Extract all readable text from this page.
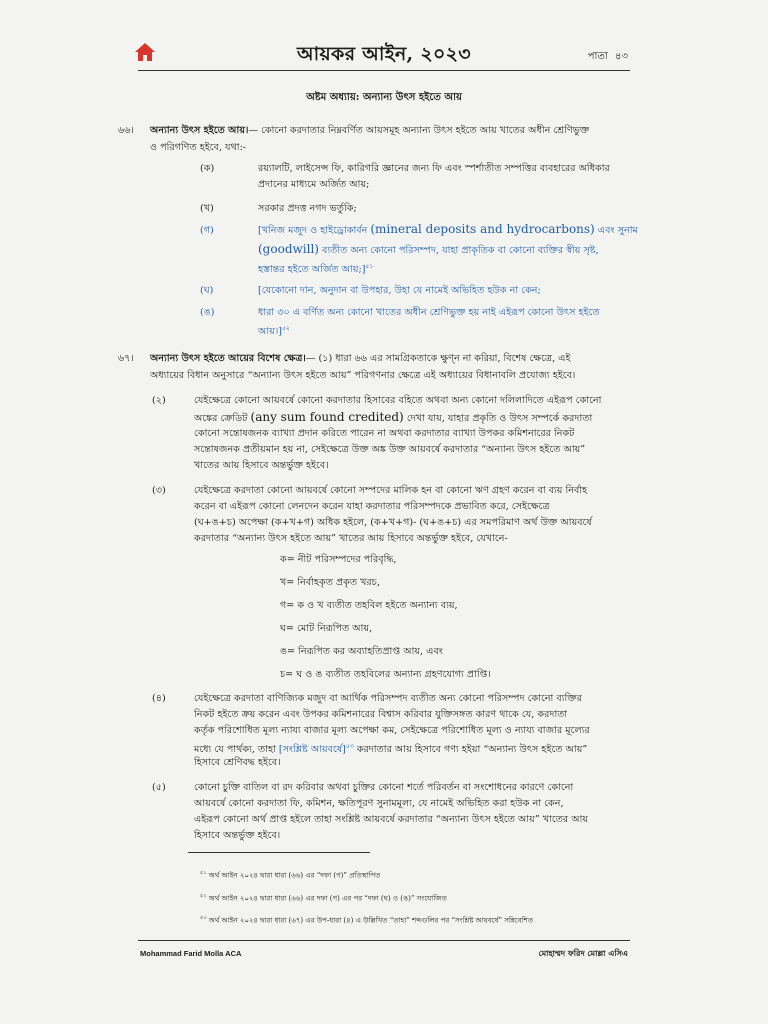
আয়কর আইন, ২০২৩	পাতা ৪৩
অষ্টম অধ্যায়: অন্যান্য উৎস হইতে আয়
৬৬। অন্যান্য উৎস হইতে আয়।— কোনো করদাতার নিম্নবর্ণিত আয়সমূহ অন্যান্য উৎস হইতে আয় খাতের অধীন শ্রেণিভুক্ত
ও পরিগণিত হইবে, যথা:-
(ক)	রয়্যালটি, লাইসেন্স ফি, কারিগরি জ্ঞানের জন্য ফি এবং স্পর্শাতীত সম্পত্তির ব্যবহারের অধিকার
প্রদানের মাধ্যমে অর্জিত আয়;
(খ)	সরকার প্রদত্ত নগদ ভর্তুকি;
(গ)	[খনিজ মজুদ ও হাইড্রোকার্বন (mineral deposits and hydrocarbons) এবং সুনাম
(goodwill) ব্যতীত অন্য কোনো পরিসম্পদ, যাহা প্রাকৃতিক বা কোনো ব্যক্তির স্বীয় সৃষ্ট,
হস্তান্তর হইতে অর্জিত আয়;]$^{৫১}$
(ঘ)	[যেকোনো দান, অনুদান বা উপহার, উহা যে নামেই অভিহিত হউক না কেন;
(ঙ)	ধারা ৩০ এ বর্ণিত অন্য কোনো খাতের অধীন শ্রেণিভুক্ত হয় নাই এইরূপ কোনো উৎস হইতে
আয়।]$^{৫২}$
৬৭। অন্যান্য উৎস হইতে আয়ের বিশেষ ক্ষেত্র।— (১) ধারা ৬৬ এর সামগ্রিকতাকে ক্ষুণ্ন না করিয়া, বিশেষ ক্ষেত্রে, এই
অধ্যায়ের বিধান অনুসারে “অন্যান্য উৎস হইতে আয়” পরিগণনার ক্ষেত্রে এই অধ্যায়ের বিধানাবলি প্রযোজ্য হইবে।
(২)	যেইক্ষেত্রে কোনো আয়বর্ষে কোনো করদাতার হিসাবের বহিতে অথবা অন্য কোনো দলিলাদিতে এইরূপ কোনো
অঙ্কের ক্রেডিট (any sum found credited) দেখা যায়, যাহার প্রকৃতি ও উৎস সম্পর্কে করদাতা
কোনো সন্তোষজনক ব্যাখ্যা প্রদান করিতে পারেন না অথবা করদাতার ব্যাখ্যা উপকর কমিশনারের নিকট
সন্তোষজনক প্রতীয়মান হয় না, সেইক্ষেত্রে উক্ত অঙ্ক উক্ত আয়বর্ষে করদাতার “অন্যান্য উৎস হইতে আয়”
খাতের আয় হিসাবে অন্তর্ভুক্ত হইবে।
(৩)	যেইক্ষেত্রে করদাতা কোনো আয়বর্ষে কোনো সম্পদের মালিক হন বা কোনো ঋণ গ্রহণ করেন বা ব্যয় নির্বাহ
করেন বা এইরূপ কোনো লেনদেন করেন যাহা করদাতার পরিসম্পদকে প্রভাবিত করে, সেইক্ষেত্রে
(ঘ+ঙ+চ) অপেক্ষা (ক+খ+গ) অধিক হইলে, (ক+খ+গ)- (ঘ+ঙ+চ) এর সমপরিমাণ অর্থ উক্ত আয়বর্ষে
করদাতার “অন্যান্য উৎস হইতে আয়” খাতের আয় হিসাবে অন্তর্ভুক্ত হইবে, যেখানে-
ক= নীট পরিসম্পদের পরিবৃদ্ধি,
খ= নির্বাহকৃত প্রকৃত খরচ,
গ= ক ও খ ব্যতীত তহবিল হইতে অন্যান্য ব্যয়,
ঘ= মোট নিরূপিত আয়,
ঙ= নিরূপিত কর অব্যাহতিপ্রাপ্ত আয়, এবং
চ= ঘ ও ঙ ব্যতীত তহবিলের অন্যান্য গ্রহণযোগ্য প্রাপ্তি।
(৪)	যেইক্ষেত্রে করদাতা বাণিজ্যিক মজুদ বা আর্থিক পরিসম্পদ ব্যতীত অন্য কোনো পরিসম্পদ কোনো ব্যক্তির
নিকট হইতে ক্রয় করেন এবং উপকর কমিশনারের বিশ্বাস করিবার যুক্তিসঙ্গত কারণ থাকে যে, করদাতা
কর্তৃক পরিশোধিত মূল্য ন্যায্য বাজার মূল্য অপেক্ষা কম, সেইক্ষেত্রে পরিশোধিত মূল্য ও ন্যায্য বাজার মূল্যের
মধ্যে যে পার্থক্য, তাহা [সংশ্লিষ্ট আয়বর্ষে]$^{৫৩}$ করদাতার আয় হিসাবে গণ্য হইয়া “অন্যান্য উৎস হইতে আয়”
হিসাবে শ্রেণিবদ্ধ হইবে।
(৫)	কোনো চুক্তি বাতিল বা রদ করিবার অথবা চুক্তির কোনো শর্তে পরিবর্তন বা সংশোধনের কারণে কোনো
আয়বর্ষে কোনো করদাতা ফি, কমিশন, ক্ষতিপূরণ সুনামমূল্য, যে নামেই অভিহিত করা হউক না কেন,
এইরূপ কোনো অর্থ প্রাপ্ত হইলে তাহা সংশ্লিষ্ট আয়বর্ষে করদাতার “অন্যান্য উৎস হইতে আয়” খাতের আয়
হিসাবে অন্তর্ভুক্ত হইবে।
$^{৫১}$ অর্থ আইন ২০২৪ দ্বারা ধারা (৬৬) এর “দফা (গ)” প্রতিস্থাপিত
$^{৫২}$ অর্থ আইন ২০২৪ দ্বারা ধারা (৬৬) এর দফা (গ) এর পর “দফা (ঘ) ও (ঙ)” সংযোজিত
$^{৫৩}$ অর্থ আইন ২০২৪ দ্বারা ধারা (৬৭) এর উপ-ধারা (৪) এ উল্লিখিত “তাহা” শব্দগুলির পর “সংশ্লিষ্ট আয়বর্ষে” সন্নিবেশিত
Mohammad Farid Molla ACA	মোহাম্মদ ফরিদ মোল্লা এসিএ
